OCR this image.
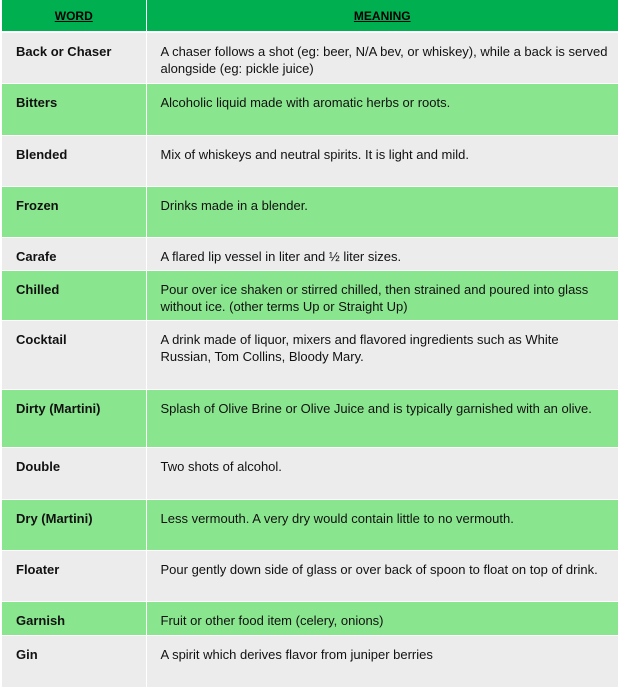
WORD	MEANING
Back or Chaser	A chaser follows a shot (eg: beer, N/A bev, or whiskey), while a back is served alongside (eg: pickle juice)
Bitters	Alcoholic liquid made with aromatic herbs or roots.
Blended	Mix of whiskeys and neutral spirits. It is light and mild.
Frozen	Drinks made in a blender.
Carafe	A flared lip vessel in liter and ½ liter sizes.
Chilled	Pour over ice shaken or stirred chilled, then strained and poured into glass without ice. (other terms Up or Straight Up)
Cocktail	A drink made of liquor, mixers and flavored ingredients such as White Russian, Tom Collins, Bloody Mary.
Dirty (Martini)	Splash of Olive Brine or Olive Juice and is typically garnished with an olive.
Double	Two shots of alcohol.
Dry (Martini)	Less vermouth. A very dry would contain little to no vermouth.
Floater	Pour gently down side of glass or over back of spoon to float on top of drink.
Garnish	Fruit or other food item (celery, onions)
Gin	A spirit which derives flavor from juniper berries
